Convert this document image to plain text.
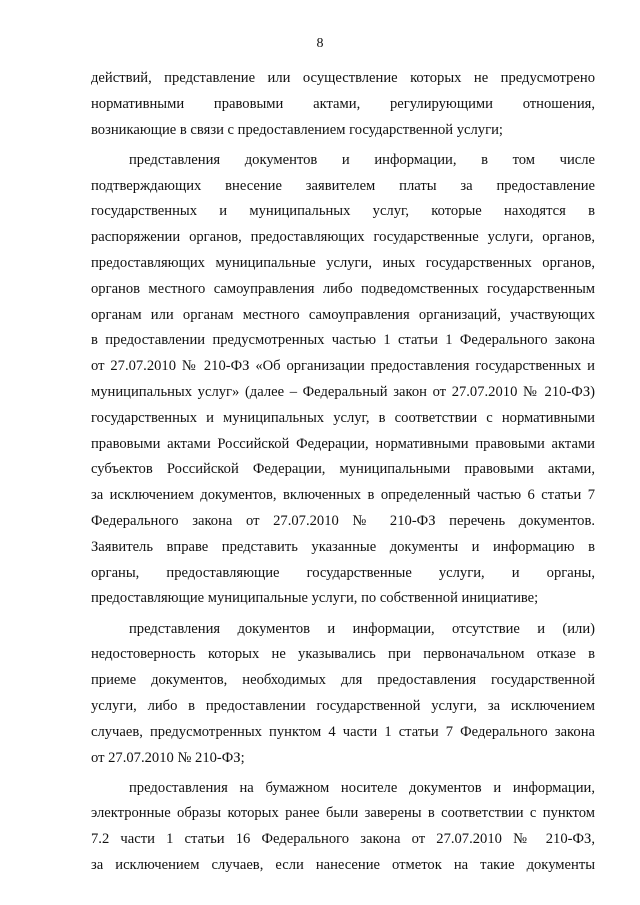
8
действий, представление или осуществление которых не предусмотрено
нормативными правовыми актами, регулирующими отношения,
возникающие в связи с предоставлением государственной услуги;
представления документов и информации, в том числе
подтверждающих внесение заявителем платы за предоставление
государственных и муниципальных услуг, которые находятся в
распоряжении органов, предоставляющих государственные услуги, органов,
предоставляющих муниципальные услуги, иных государственных органов,
органов местного самоуправления либо подведомственных государственным
органам или органам местного самоуправления организаций, участвующих
в предоставлении предусмотренных частью 1 статьи 1 Федерального закона
от 27.07.2010 № 210-ФЗ «Об организации предоставления государственных и
муниципальных услуг» (далее – Федеральный закон от 27.07.2010 № 210-ФЗ)
государственных и муниципальных услуг, в соответствии с нормативными
правовыми актами Российской Федерации, нормативными правовыми актами
субъектов Российской Федерации, муниципальными правовыми актами,
за исключением документов, включенных в определенный частью 6 статьи 7
Федерального закона от 27.07.2010 № 210-ФЗ перечень документов.
Заявитель вправе представить указанные документы и информацию в
органы, предоставляющие государственные услуги, и органы,
предоставляющие муниципальные услуги, по собственной инициативе;
представления документов и информации, отсутствие и (или)
недостоверность которых не указывались при первоначальном отказе в
приеме документов, необходимых для предоставления государственной
услуги, либо в предоставлении государственной услуги, за исключением
случаев, предусмотренных пунктом 4 части 1 статьи 7 Федерального закона
от 27.07.2010 № 210-ФЗ;
предоставления на бумажном носителе документов и информации,
электронные образы которых ранее были заверены в соответствии с пунктом
7.2 части 1 статьи 16 Федерального закона от 27.07.2010 № 210-ФЗ,
за исключением случаев, если нанесение отметок на такие документы
